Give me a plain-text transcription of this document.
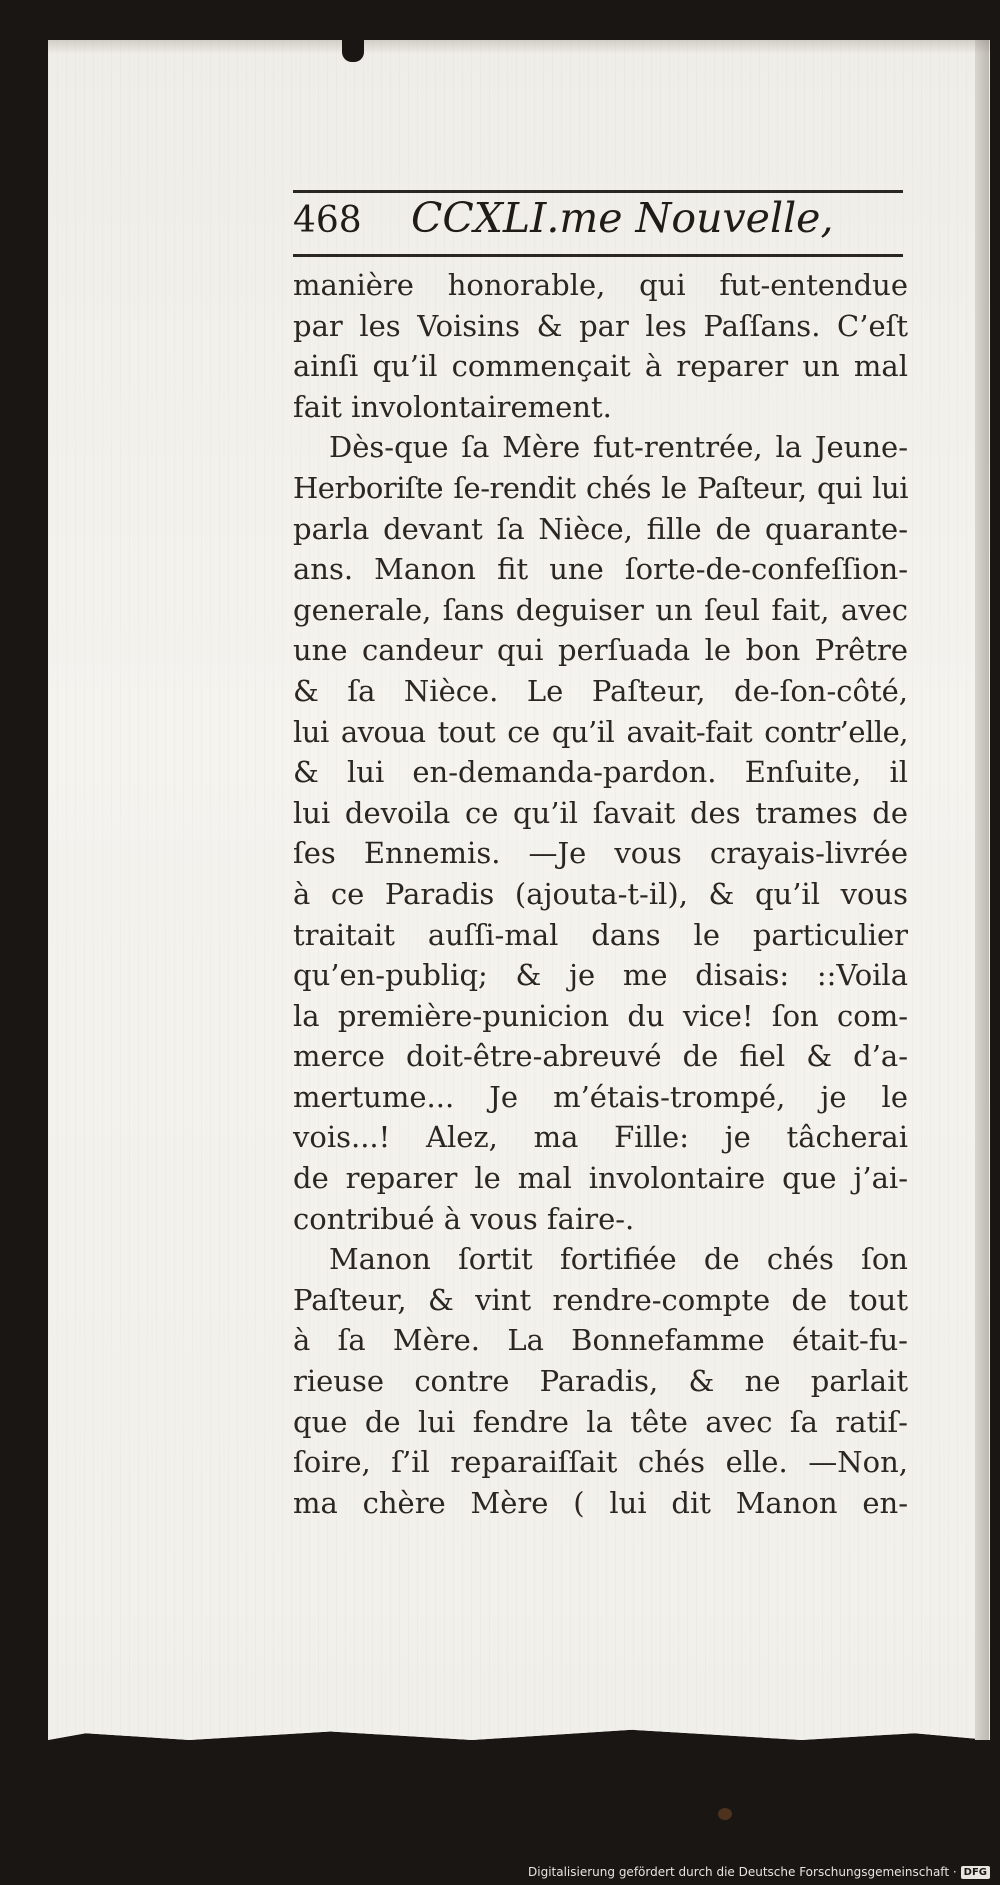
468 CCXLI.me Nouvelle,
manière honorable, qui fut-entendue
par les Voisins & par les Paſſans. C’eſt
ainſi qu’il commençait à reparer un mal
fait involontairement.
Dès-que ſa Mère fut-rentrée, la Jeune-
Herboriſte ſe-rendit chés le Paſteur, qui lui
parla devant ſa Nièce, fille de quarante-
ans. Manon fit une ſorte-de-confeſſion-
generale, ſans deguiser un ſeul fait, avec
une candeur qui perſuada le bon Prêtre
& ſa Nièce. Le Paſteur, de-ſon-côté,
lui avoua tout ce qu’il avait-fait contr’elle,
& lui en-demanda-pardon. Enſuite, il
lui devoila ce qu’il ſavait des trames de
ſes Ennemis. —Je vous crayais-livrée
à ce Paradis (ajouta-t-il), & qu’il vous
traitait auſſi-mal dans le particulier
qu’en-publiq; & je me disais: ::Voila
la première-punicion du vice! ſon com-
merce doit-être-abreuvé de fiel & d’a-
mertume... Je m’étais-trompé, je le
vois...! Alez, ma Fille: je tâcherai
de reparer le mal involontaire que j’ai-
contribué à vous faire-.
Manon ſortit fortifiée de chés ſon
Paſteur, & vint rendre-compte de tout
à ſa Mère. La Bonnefamme était-fu-
rieuse contre Paradis, & ne parlait
que de lui fendre la tête avec ſa ratiſ-
ſoire, ſ’il reparaiſſait chés elle. —Non,
ma chère Mère ( lui dit Manon en-
Digitalisierung gefördert durch die Deutsche Forschungsgemeinschaft · DFG
